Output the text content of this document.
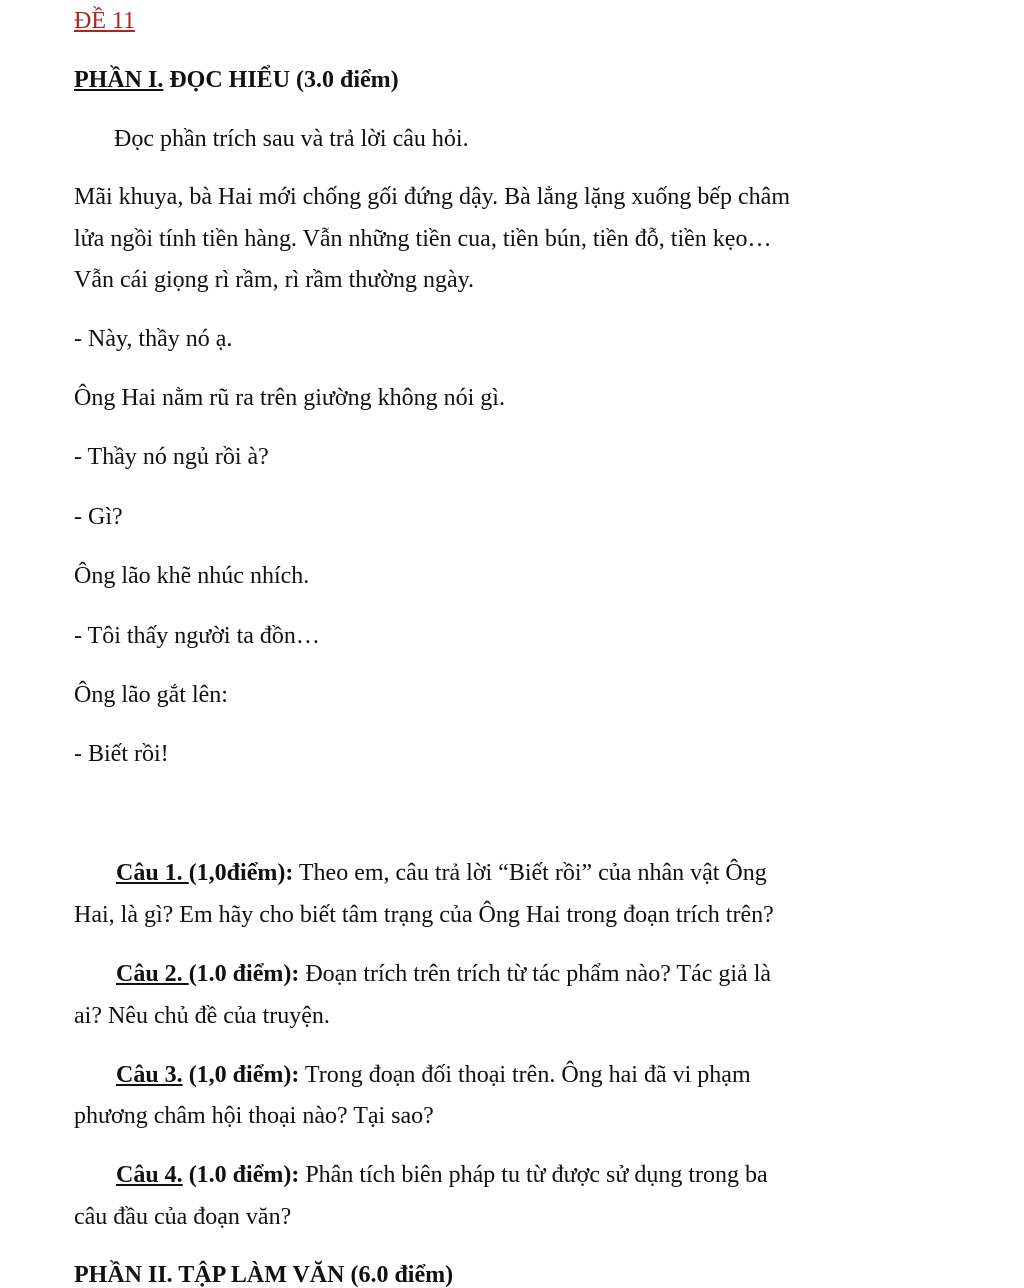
ĐỀ 11
PHẦN I. ĐỌC HIỂU (3.0 điểm)
Đọc phần trích sau và trả lời câu hỏi.
Mãi khuya, bà Hai mới chống gối đứng dậy. Bà lẳng lặng xuống bếp châm
lửa ngồi tính tiền hàng. Vẫn những tiền cua, tiền bún, tiền đỗ, tiền kẹo…
Vẫn cái giọng rì rầm, rì rầm thường ngày.
- Này, thầy nó ạ.
Ông Hai nằm rũ ra trên giường không nói gì.
- Thầy nó ngủ rồi à?
- Gì?
Ông lão khẽ nhúc nhích.
- Tôi thấy người ta đồn…
Ông lão gắt lên:
- Biết rồi!
Câu 1. (1,0điểm): Theo em, câu trả lời “Biết rồi” của nhân vật Ông
Hai, là gì? Em hãy cho biết tâm trạng của Ông Hai trong đoạn trích trên?
Câu 2. (1.0 điểm): Đoạn trích trên trích từ tác phẩm nào? Tác giả là
ai? Nêu chủ đề của truyện.
Câu 3. (1,0 điểm): Trong đoạn đối thoại trên. Ông hai đã vi phạm
phương châm hội thoại nào? Tại sao?
Câu 4. (1.0 điểm): Phân tích biên pháp tu từ được sử dụng trong ba
câu đầu của đoạn văn?
PHẦN II. TẬP LÀM VĂN (6.0 điểm)
